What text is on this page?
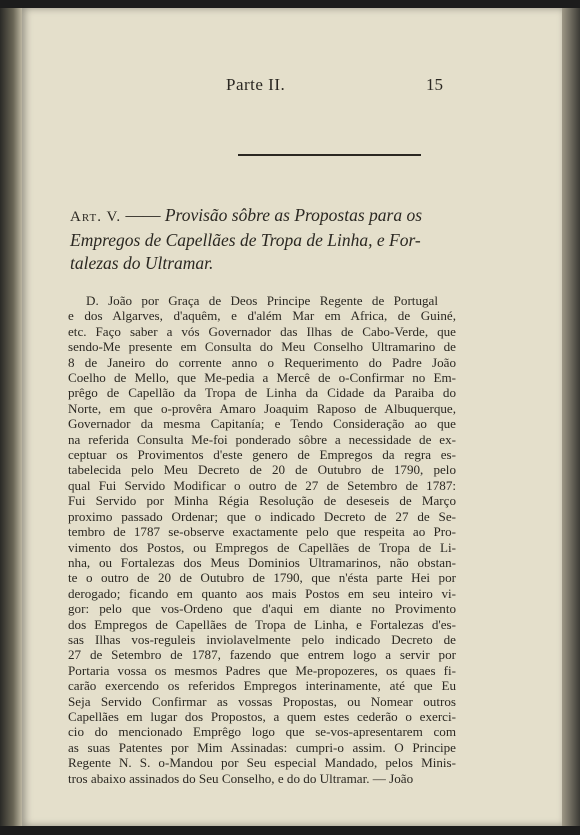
Parte II.	15
Art. V. —— Provisão sôbre as Propostas para os
Empregos de Capellães de Tropa de Linha, e For-
talezas do Ultramar.
D. João por Graça de Deos Principe Regente de Portugal
e dos Algarves, d'aquêm, e d'além Mar em Africa, de Guiné,
etc. Faço saber a vós Governador das Ilhas de Cabo-Verde, que
sendo-Me presente em Consulta do Meu Conselho Ultramarino de
8 de Janeiro do corrente anno o Requerimento do Padre João
Coelho de Mello, que Me-pedia a Mercê de o-Confirmar no Em-
prêgo de Capellão da Tropa de Linha da Cidade da Paraiba do
Norte, em que o-provêra Amaro Joaquim Raposo de Albuquerque,
Governador da mesma Capitanía; e Tendo Consideração ao que
na referida Consulta Me-foi ponderado sôbre a necessidade de ex-
ceptuar os Provimentos d'este genero de Empregos da regra es-
tabelecida pelo Meu Decreto de 20 de Outubro de 1790, pelo
qual Fui Servido Modificar o outro de 27 de Setembro de 1787:
Fui Servido por Minha Régia Resolução de deseseis de Março
proximo passado Ordenar; que o indicado Decreto de 27 de Se-
tembro de 1787 se-observe exactamente pelo que respeita ao Pro-
vimento dos Postos, ou Empregos de Capellães de Tropa de Li-
nha, ou Fortalezas dos Meus Dominios Ultramarinos, não obstan-
te o outro de 20 de Outubro de 1790, que n'ésta parte Hei por
derogado; ficando em quanto aos mais Postos em seu inteiro vi-
gor: pelo que vos-Ordeno que d'aqui em diante no Provimento
dos Empregos de Capellães de Tropa de Linha, e Fortalezas d'es-
sas Ilhas vos-reguleis inviolavelmente pelo indicado Decreto de
27 de Setembro de 1787, fazendo que entrem logo a servir por
Portaria vossa os mesmos Padres que Me-propozeres, os quaes fi-
carão exercendo os referidos Empregos interinamente, até que Eu
Seja Servido Confirmar as vossas Propostas, ou Nomear outros
Capellães em lugar dos Propostos, a quem estes cederão o exerci-
cio do mencionado Emprêgo logo que se-vos-apresentarem com
as suas Patentes por Mim Assinadas: cumpri-o assim. O Principe
Regente N. S. o-Mandou por Seu especial Mandado, pelos Minis-
tros abaixo assinados do Seu Conselho, e do do Ultramar. — João
